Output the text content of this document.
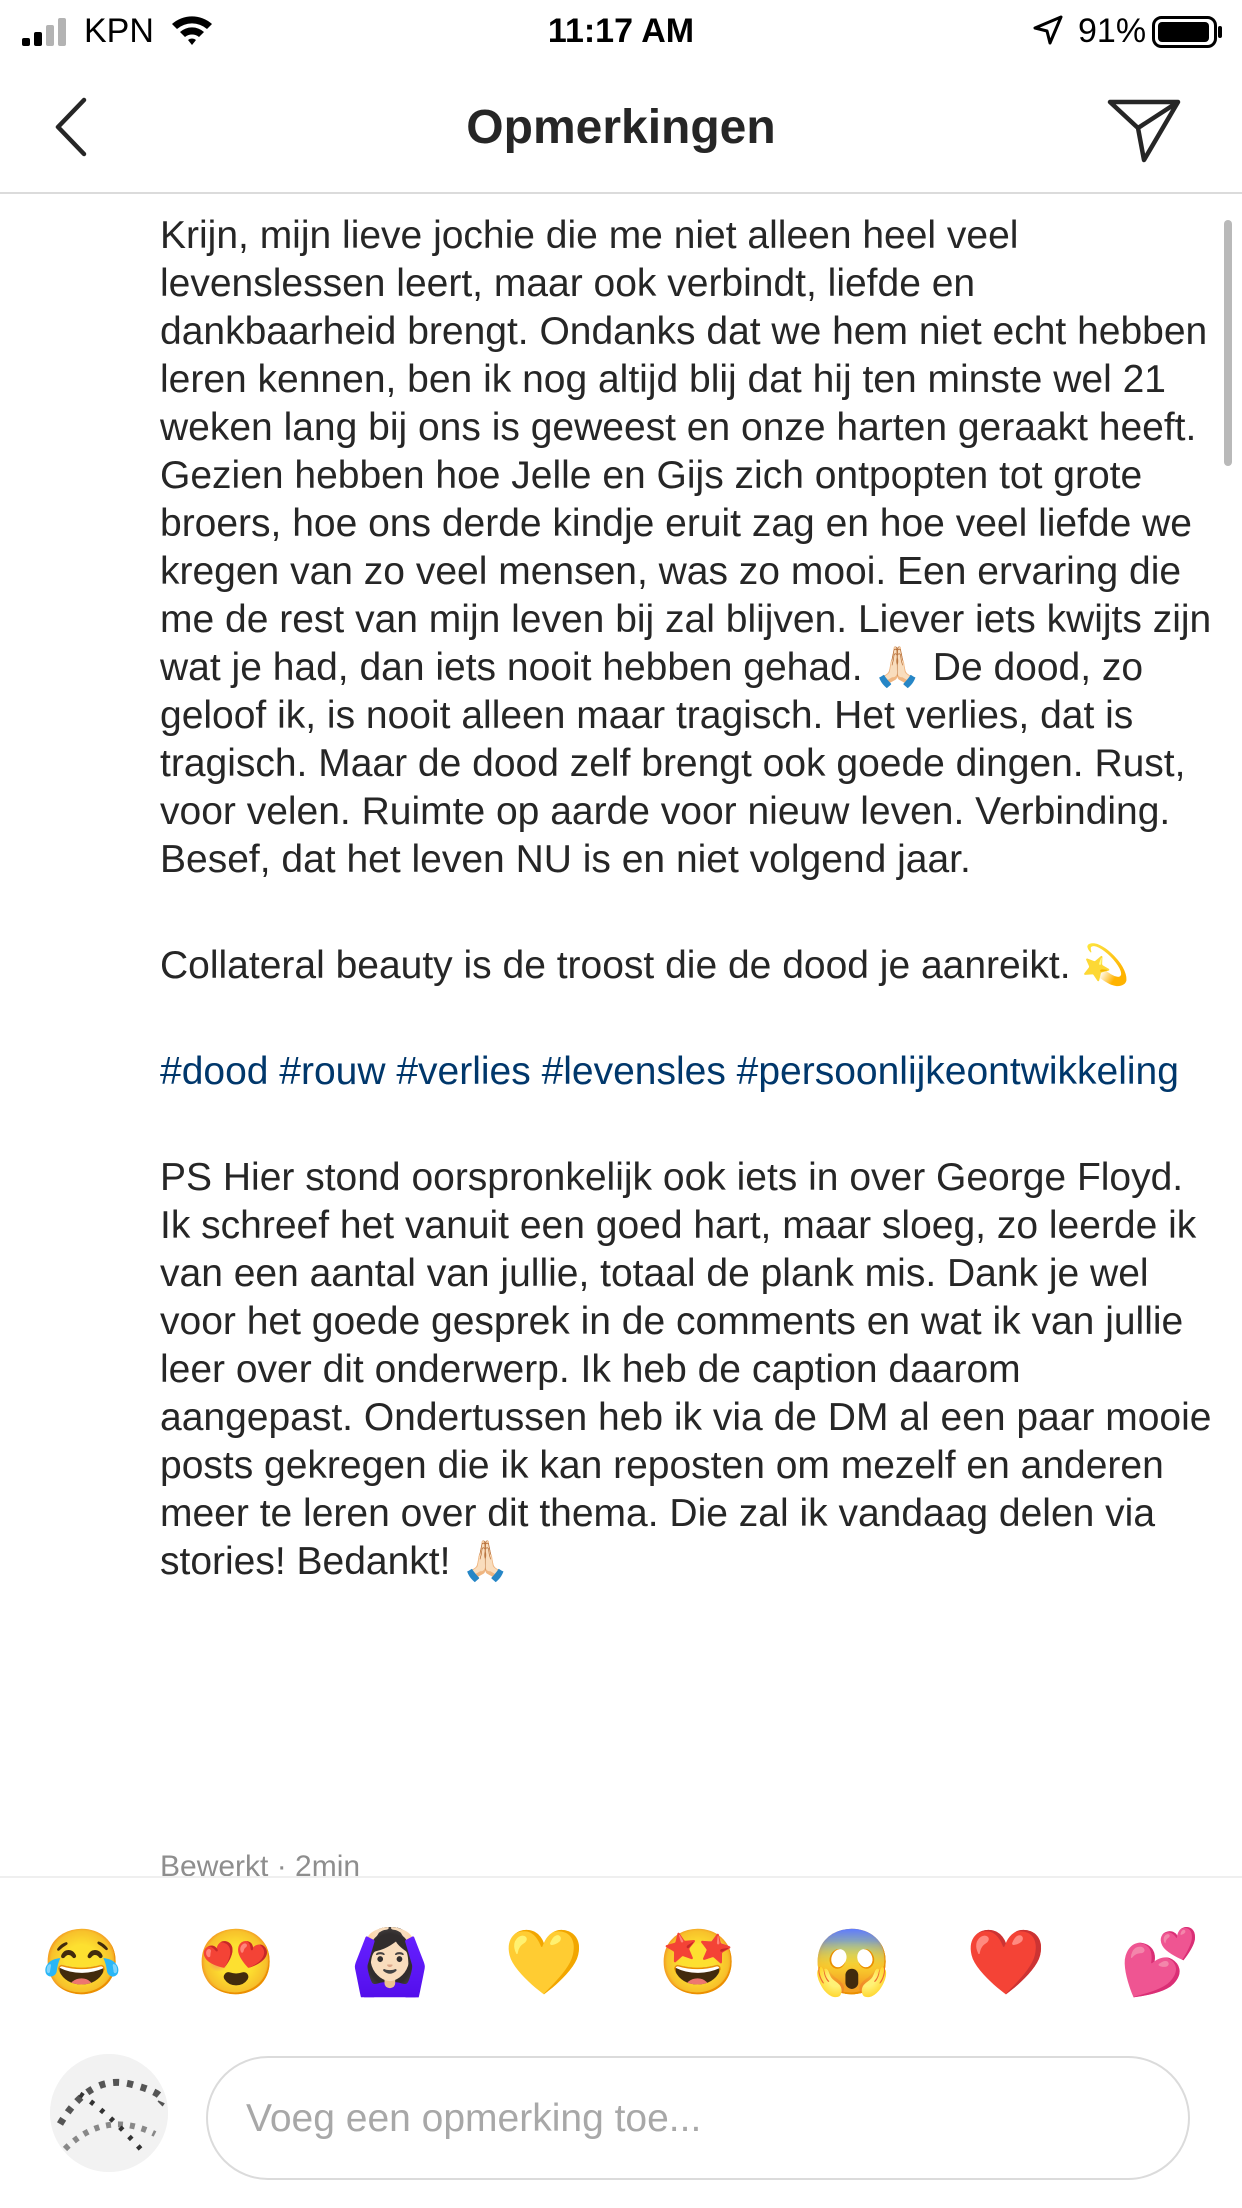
KPN	11:17 AM	91%
Opmerkingen

Krijn, mijn lieve jochie die me niet alleen heel veel levenslessen leert, maar ook verbindt, liefde en dankbaarheid brengt. Ondanks dat we hem niet echt hebben leren kennen, ben ik nog altijd blij dat hij ten minste wel 21 weken lang bij ons is geweest en onze harten geraakt heeft. Gezien hebben hoe Jelle en Gijs zich ontpopten tot grote broers, hoe ons derde kindje eruit zag en hoe veel liefde we kregen van zo veel mensen, was zo mooi. Een ervaring die me de rest van mijn leven bij zal blijven. Liever iets kwijts zijn wat je had, dan iets nooit hebben gehad. 🙏🏻 De dood, zo geloof ik, is nooit alleen maar tragisch. Het verlies, dat is tragisch. Maar de dood zelf brengt ook goede dingen. Rust, voor velen. Ruimte op aarde voor nieuw leven. Verbinding. Besef, dat het leven NU is en niet volgend jaar.

Collateral beauty is de troost die de dood je aanreikt. 💫

#dood #rouw #verlies #levensles #persoonlijkeontwikkeling

PS Hier stond oorspronkelijk ook iets in over George Floyd. Ik schreef het vanuit een goed hart, maar sloeg, zo leerde ik van een aantal van jullie, totaal de plank mis. Dank je wel voor het goede gesprek in de comments en wat ik van jullie leer over dit onderwerp. Ik heb de caption daarom aangepast. Ondertussen heb ik via de DM al een paar mooie posts gekregen die ik kan reposten om mezelf en anderen meer te leren over dit thema. Die zal ik vandaag delen via stories! Bedankt! 🙏🏻

Bewerkt · 2min
😂 😍 🙆🏻‍♀️ 💛 🤩 😱 ❤️ 💕
Voeg een opmerking toe...
